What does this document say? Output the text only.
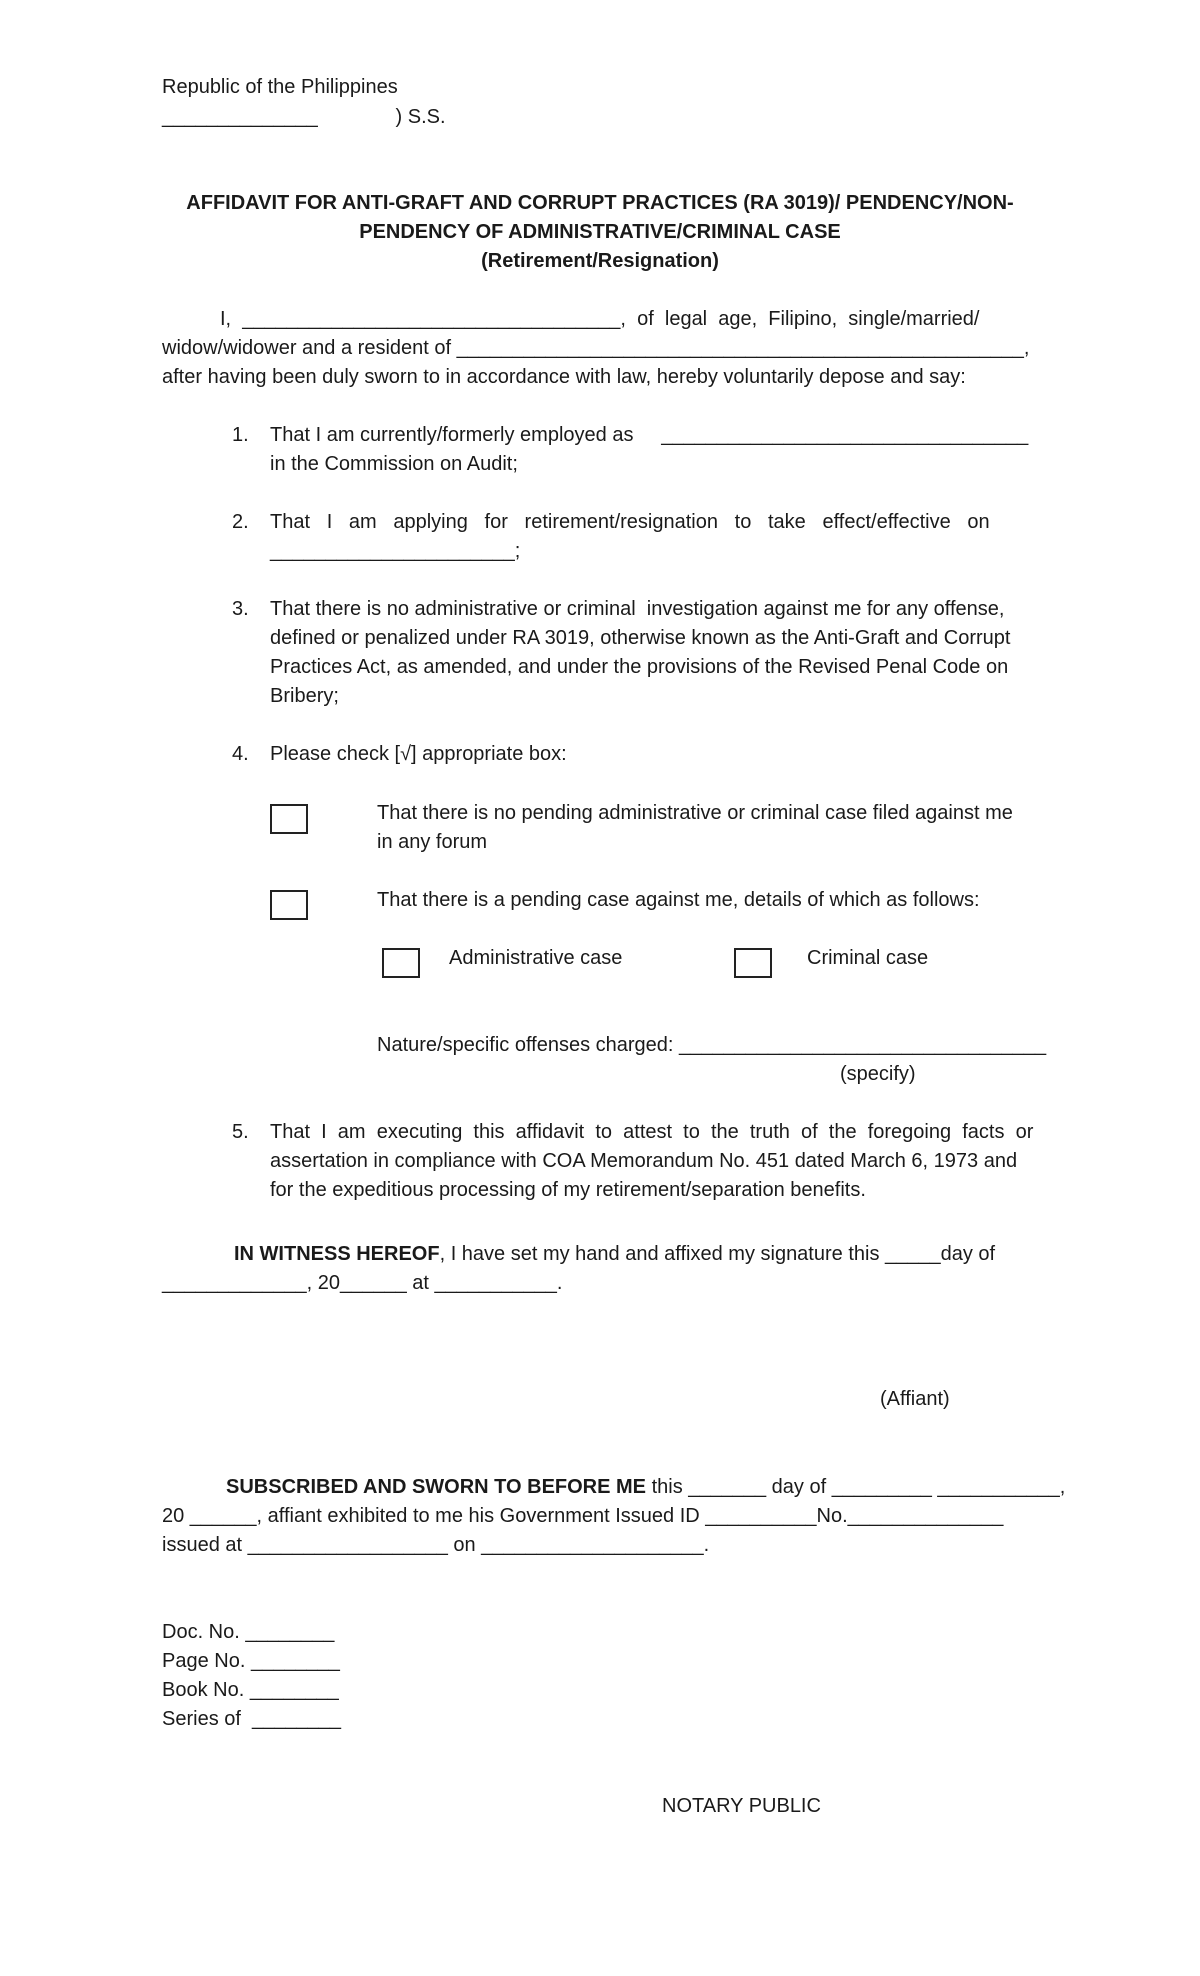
Republic of the Philippines
______________              ) S.S.
AFFIDAVIT FOR ANTI-GRAFT AND CORRUPT PRACTICES (RA 3019)/ PENDENCY/NON-
PENDENCY OF ADMINISTRATIVE/CRIMINAL CASE
(Retirement/Resignation)
I,  __________________________________,  of  legal  age,  Filipino,  single/married/
widow/widower and a resident of ___________________________________________________,
after having been duly sworn to in accordance with law, hereby voluntarily depose and say:
1. That I am currently/formerly employed as     _________________________________
in the Commission on Audit;
2. That   I   am   applying   for   retirement/resignation   to   take   effect/effective   on
______________________;
3. That there is no administrative or criminal  investigation against me for any offense,
defined or penalized under RA 3019, otherwise known as the Anti-Graft and Corrupt
Practices Act, as amended, and under the provisions of the Revised Penal Code on
Bribery;
4. Please check [√] appropriate box:
That there is no pending administrative or criminal case filed against me
in any forum
That there is a pending case against me, details of which as follows:
Administrative case	Criminal case
Nature/specific offenses charged: _________________________________
(specify)
5. That  I  am  executing  this  affidavit  to  attest  to  the  truth  of  the  foregoing  facts  or
assertation in compliance with COA Memorandum No. 451 dated March 6, 1973 and
for the expeditious processing of my retirement/separation benefits.
IN WITNESS HEREOF, I have set my hand and affixed my signature this _____day of
_____________, 20______ at ___________.
(Affiant)
SUBSCRIBED AND SWORN TO BEFORE ME this _______ day of _________ ___________,
20 ______, affiant exhibited to me his Government Issued ID __________No.______________
issued at __________________ on ____________________.
Doc. No. ________
Page No. ________
Book No. ________
Series of  ________
NOTARY PUBLIC
